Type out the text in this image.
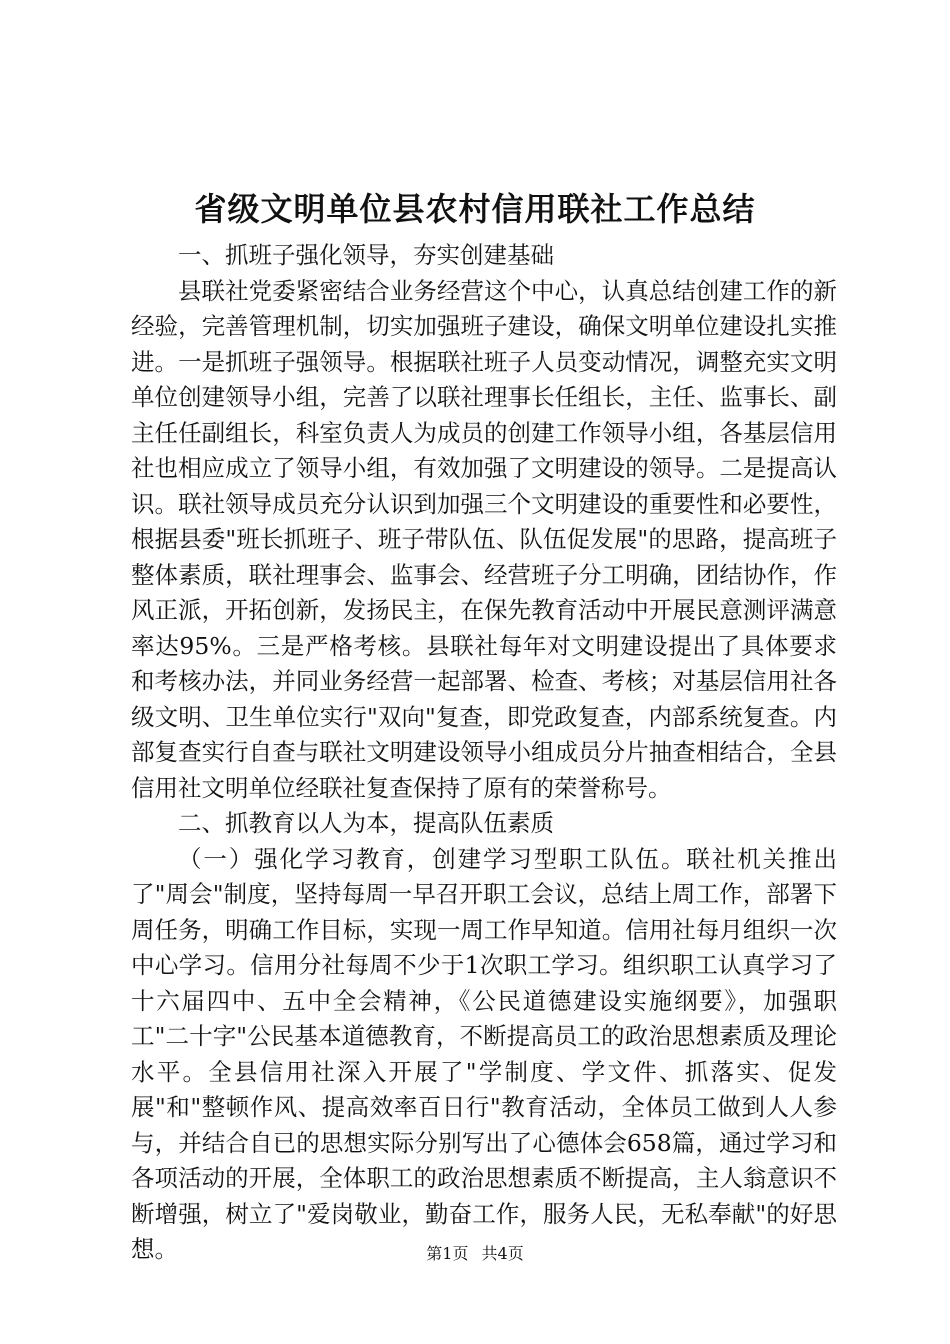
省级文明单位县农村信用联社工作总结

一、抓班子强化领导，夯实创建基础

县联社党委紧密结合业务经营这个中心，认真总结创建工作的新经验，完善管理机制，切实加强班子建设，确保文明单位建设扎实推进。一是抓班子强领导。根据联社班子人员变动情况，调整充实文明单位创建领导小组，完善了以联社理事长任组长，主任、监事长、副主任任副组长，科室负责人为成员的创建工作领导小组，各基层信用社也相应成立了领导小组，有效加强了文明建设的领导。二是提高认识。联社领导成员充分认识到加强三个文明建设的重要性和必要性，根据县委"班长抓班子、班子带队伍、队伍促发展"的思路，提高班子整体素质，联社理事会、监事会、经营班子分工明确，团结协作，作风正派，开拓创新，发扬民主，在保先教育活动中开展民意测评满意率达95%。三是严格考核。县联社每年对文明建设提出了具体要求和考核办法，并同业务经营一起部署、检查、考核；对基层信用社各级文明、卫生单位实行"双向"复查，即党政复查，内部系统复查。内部复查实行自查与联社文明建设领导小组成员分片抽查相结合，全县信用社文明单位经联社复查保持了原有的荣誉称号。

二、抓教育以人为本，提高队伍素质

（一）强化学习教育，创建学习型职工队伍。联社机关推出了"周会"制度，坚持每周一早召开职工会议，总结上周工作，部署下周任务，明确工作目标，实现一周工作早知道。信用社每月组织一次中心学习。信用分社每周不少于1次职工学习。组织职工认真学习了十六届四中、五中全会精神，《公民道德建设实施纲要》，加强职工"二十字"公民基本道德教育，不断提高员工的政治思想素质及理论水平。全县信用社深入开展了"学制度、学文件、抓落实、促发展"和"整顿作风、提高效率百日行"教育活动，全体员工做到人人参与，并结合自已的思想实际分别写出了心德体会658篇，通过学习和各项活动的开展，全体职工的政治思想素质不断提高，主人翁意识不断增强，树立了"爱岗敬业，勤奋工作，服务人民，无私奉献"的好思想。	第1页 共4页
